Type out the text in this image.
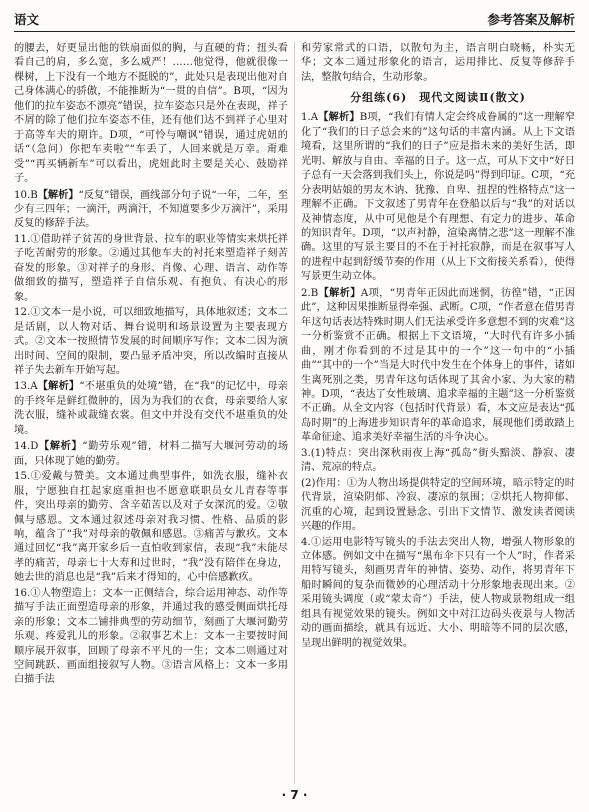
语文	参考答案及解析

的腰去，好更显出他的铁扇面似的胸，与直硬的背；扭头看看自己的肩，多么宽，多么威严！……他觉得，他就很像一棵树，上下没有一个地方不挺脱的”，此处只是表现出他对自己身体满心的骄傲，不能推断为“一贯的自信”。B项，“因为他们的拉车姿态不漂亮”错误，拉车姿态只是外在表现，祥子不屑的除了他们拉车姿态不佳，还有他们达不到祥子心里对于高等车夫的期许。D项，“可怜与嘲讽”错误，通过虎妞的话“（急问）你把车卖啦”“车丢了，人回来就是万幸。甭难受”“再买辆新车”可以看出，虎妞此时主要是关心、鼓励祥子。

10.B【解析】“反复”错误，画线部分句子说“一年，二年，至少有三四年；一滴汗，两滴汗，不知道要多少万滴汗”，采用反复的修辞手法。

11.①借助祥子贫苦的身世背景、拉车的职业等情实来烘托祥子吃苦耐劳的形象。②通过其他车夫的衬托来塑造祥子刻苦奋发的形象。③对祥子的身形、肖像、心理、语言、动作等做细致的描写，塑造祥子自信乐观、有抱负、有决心的形象。

12.①文本一是小说，可以细致地描写，具体地叙述；文本二是话剧，以人物对话、舞台说明和场景设置为主要表现方式。②文本一按照情节发展的时间顺序写作；文本二因为演出时间、空间的限制，要凸显矛盾冲突，所以改编时直接从祥子失去新车开始写起。

13.A【解析】“不堪重负的处境”错，在“我”的记忆中，母亲的手终年是鲜红微肿的，因为为我们的衣食，母亲要给人家洗衣服，缝补或裁缝衣裳。但文中并没有交代不堪重负的处境。

14.D【解析】“勤劳乐观”错，材料二描写大堰河劳动的场面，只体现了她的勤劳。

15.①爱戴与赞美。文本通过典型事件，如洗衣服，缝补衣服，宁愿独自扛起家庭重担也不愿意联职员女儿青春等事件，突出母亲的勤劳、含辛茹苦以及对子女深沉的爱。②敬佩与感恩。文本通过叙述母亲对我习惯、性格、品质的影响，蕴含了“我”对母亲的敬佩和感恩。③痛苦与歉疚。文本通过回忆“我”离开家乡后一直怕收到家信，表现“我”未能尽孝的痛苦，母亲七十大寿和过世时，“我”没有陪伴在身边，她去世的消息也是“我”后来才得知的，心中倍感歉疚。

16.①人物塑造上：文本一正侧结合，综合运用神态、动作等描写手法正面塑造母亲的形象，并通过我的感受侧面烘托母亲的形象；文本二铺排典型的劳动细节，刻画了大堰河勤劳乐观、疼爱乳儿的形象。②叙事艺术上：文本一主要按时间顺序展开叙事，回顾了母亲不平凡的一生；文本二则通过对空间跳跃、画面组接叙写人物。③语言风格上：文本一多用白描手法

和劳家常式的口语，以散句为主，语言明白晓畅，朴实无华；文本二通过形象化的语言，运用排比、反复等修辞手法，整散句结合，生动形象。

分组练(6)　现代文阅读Ⅱ(散文)

1.A【解析】B项，“我们有情人定会终成眷属的”这一理解窄化了“我们的日子总会来的”这句话的丰富内涵。从上下文语境看，这里所谓的“我们的日子”应是指未来的美好生活，即光明、解放与自由、幸福的日子。这一点，可从下文中“好日子总有一天会落到我们头上，你说是吗”得到印证。C项，“充分表明姑娘的男友木讷、犹豫、自卑、扭捏的性格特点”这一理解不正确。下文叙述了男青年在登船以后与“我”的对话以及神情态度，从中可见他是个有理想、有定力的进步、革命的知识青年。D项，“以声衬静，渲染离情之悲”这一理解不准确。这里的写景主要目的不在于衬托寂静，而是在叙事写人的进程中起到舒缓节奏的作用（从上下文衔接关系看），使得写景更生动立体。

2.B【解析】A项，“男青年正因此而迷惘，彷徨”错，“正因此”，这种因果推断显得牵强、武断。C项，“作者意在借男青年这句话表达特殊时期人们无法承受许多意想不到的灾难”这一分析鉴赏不正确。根据上下文语境，“大时代有许多小插曲，刚才你看到的不过是其中的一个”这一句中的“小插曲”“其中的一个”当是大时代中发生在个体身上的事件，诸如生离死别之类，男青年这句话体现了其舍小家、为大家的精神。D项，“表达了女性玻璃、追求幸福的主题”这一分析鉴赏不正确。从全文内容（包括时代背景）看，本文应是表达“孤岛时期”的上海进步知识青年的革命追求，展现他们勇敢踏上革命征途、追求美好幸福生活的斗争决心。

3.(1)特点：突出深秋雨夜上海“孤岛”街头黯淡、静寂、凄清、荒凉的特点。

(2)作用：①为人物出场提供特定的空间环境，暗示特定的时代背景，渲染阴郁、冷寂、凄凉的氛围；②烘托人物抑郁、沉重的心境，起到设置悬念、引出下文情节、激发读者阅读兴趣的作用。

4.①运用电影特写镜头的手法去突出人物，增强人物形象的立体感。例如文中在描写“黑布伞下只有一个人”时，作者采用特写镜头，刻画男青年的神情、姿势、动作，将男青年下船时瞬间的复杂而微妙的心理活动十分形象地表现出来。②采用镜头调度（或“蒙太奇”）手法，使人物或景物组成一组组具有视觉效果的镜头。例如文中对江边码头夜景与人物活动的画面描绘，就具有远近、大小、明暗等不同的层次感，呈现出鲜明的视觉效果。

· 7 ·
